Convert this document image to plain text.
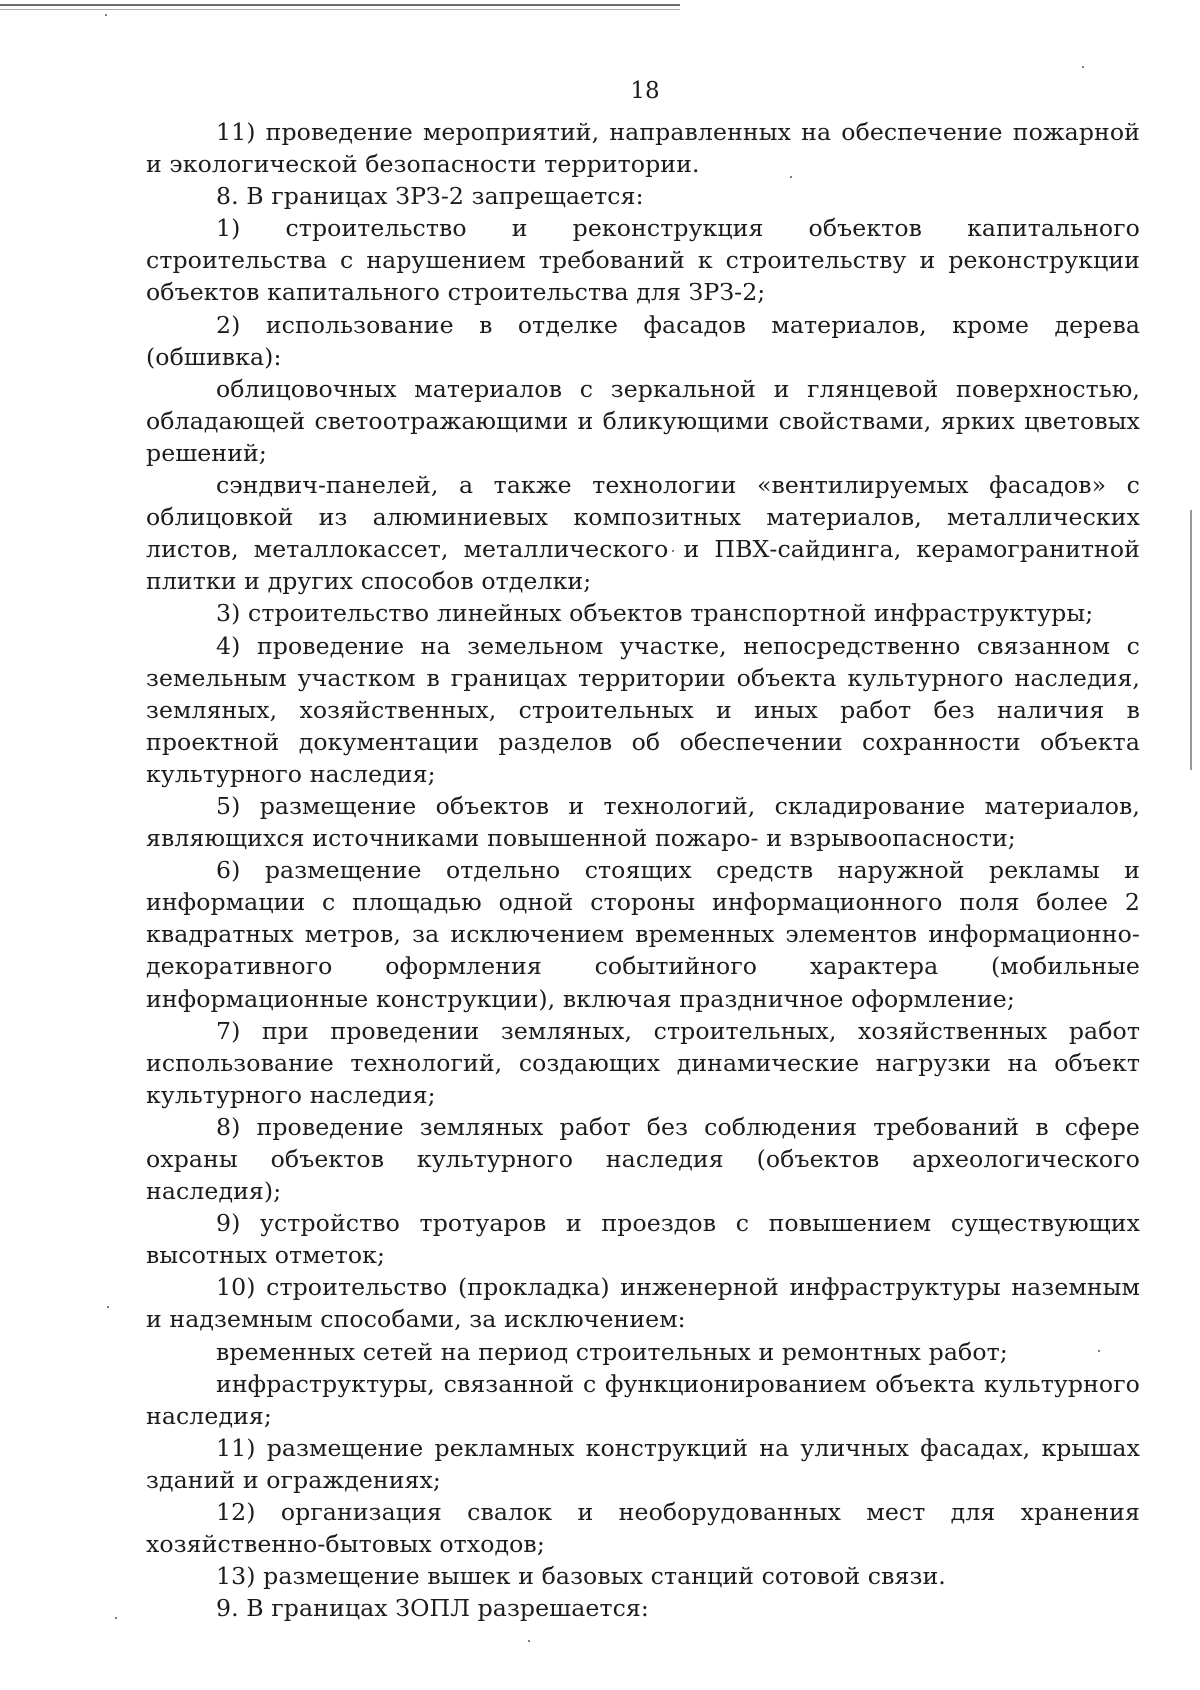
18

11) проведение мероприятий, направленных на обеспечение пожарной и экологической безопасности территории.

8. В границах ЗРЗ-2 запрещается:

1) строительство и реконструкция объектов капитального строительства с нарушением требований к строительству и реконструкции объектов капитального строительства для ЗРЗ-2;

2) использование в отделке фасадов материалов, кроме дерева (обшивка):

облицовочных материалов с зеркальной и глянцевой поверхностью, обладающей светоотражающими и бликующими свойствами, ярких цветовых решений;

сэндвич-панелей, а также технологии «вентилируемых фасадов» с облицовкой из алюминиевых композитных материалов, металлических листов, металлокассет, металлического и ПВХ-сайдинга, керамогранитной плитки и других способов отделки;

3) строительство линейных объектов транспортной инфраструктуры;

4) проведение на земельном участке, непосредственно связанном с земельным участком в границах территории объекта культурного наследия, земляных, хозяйственных, строительных и иных работ без наличия в проектной документации разделов об обеспечении сохранности объекта культурного наследия;

5) размещение объектов и технологий, складирование материалов, являющихся источниками повышенной пожаро- и взрывоопасности;

6) размещение отдельно стоящих средств наружной рекламы и информации с площадью одной стороны информационного поля более 2 квадратных метров, за исключением временных элементов информационно-декоративного оформления событийного характера (мобильные информационные конструкции), включая праздничное оформление;

7) при проведении земляных, строительных, хозяйственных работ использование технологий, создающих динамические нагрузки на объект культурного наследия;

8) проведение земляных работ без соблюдения требований в сфере охраны объектов культурного наследия (объектов археологического наследия);

9) устройство тротуаров и проездов с повышением существующих высотных отметок;

10) строительство (прокладка) инженерной инфраструктуры наземным и надземным способами, за исключением:

временных сетей на период строительных и ремонтных работ;

инфраструктуры, связанной с функционированием объекта культурного наследия;

11) размещение рекламных конструкций на уличных фасадах, крышах зданий и ограждениях;

12) организация свалок и необорудованных мест для хранения хозяйственно-бытовых отходов;

13) размещение вышек и базовых станций сотовой связи.

9. В границах ЗОПЛ разрешается:
